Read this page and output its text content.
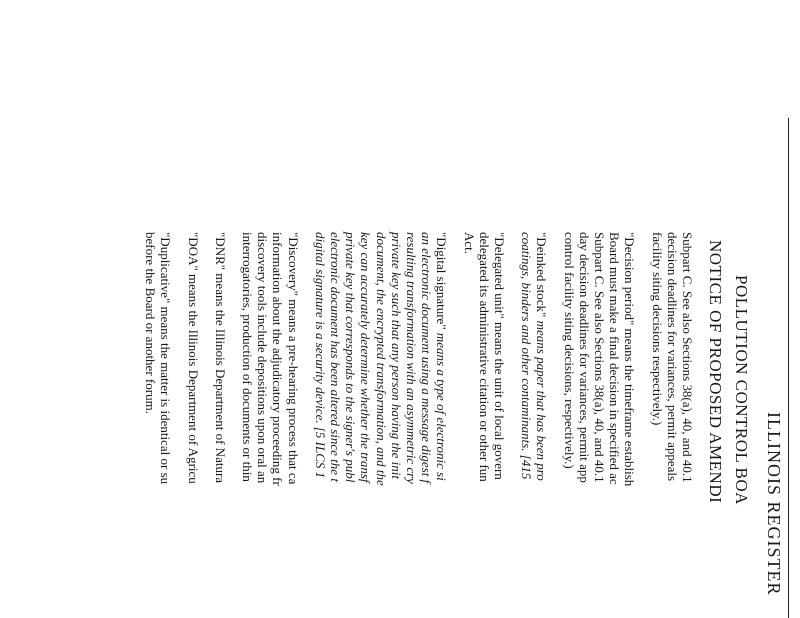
ILLINOIS REGISTER
POLLUTION CONTROL BOA
NOTICE OF PROPOSED AMENDI

Subpart C. See also Sections 38(a), 40, and 40.1
decision deadlines for variances, permit appeals
facility siting decisions respectively.)

"Decision period" means the timeframe establish
Board must make a final decision in specified ac
Subpart C. See also Sections 38(a), 40, and 40.1
day decision deadlines for variances, permit app
control facility siting decisions, respectively.)

"Deinked stock" means paper that has been pro
coatings, binders and other contaminants. [415

"Delegated unit" means the unit of local govern
delegated its administrative citation or other fun
Act.

"Digital signature" means a type of electronic si
an electronic document using a message digest f
resulting transformation with an asymmetric cry
private key such that any person having the init
document, the encrypted transformation, and the
key can accurately determine whether the transf
private key that corresponds to the signer's publ
electronic document has been altered since the t
digital signature is a security device. [5 ILCS 1

"Discovery" means a pre-hearing process that ca
information about the adjudicatory proceeding fr
discovery tools include depositions upon oral an
interrogatories, production of documents or thin

"DNR" means the Illinois Department of Natura

"DOA" means the Illinois Department of Agricu

"Duplicative" means the matter is identical or su
before the Board or another forum.
